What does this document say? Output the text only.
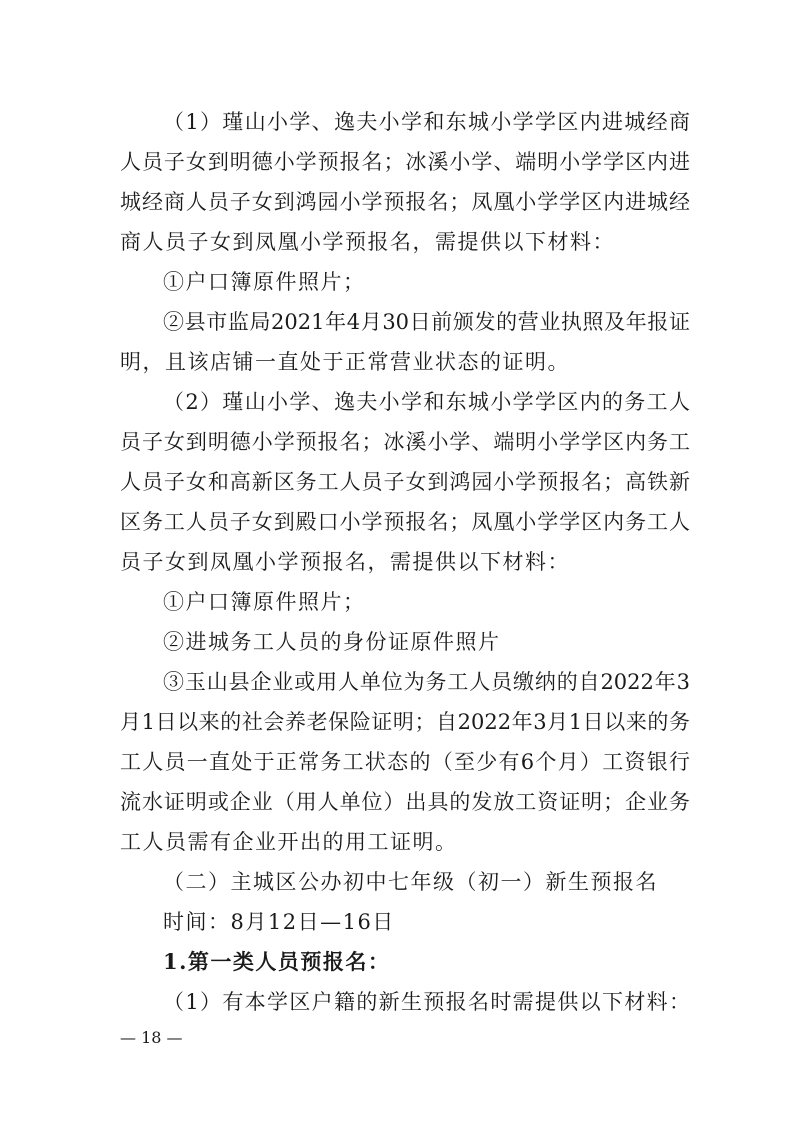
（1）瑾山小学、逸夫小学和东城小学学区内进城经商
人员子女到明德小学预报名；冰溪小学、端明小学学区内进
城经商人员子女到鸿园小学预报名；凤凰小学学区内进城经
商人员子女到凤凰小学预报名，需提供以下材料：
①户口簿原件照片；
②县市监局2021年4月30日前颁发的营业执照及年报证
明，且该店铺一直处于正常营业状态的证明。
（2）瑾山小学、逸夫小学和东城小学学区内的务工人
员子女到明德小学预报名；冰溪小学、端明小学学区内务工
人员子女和高新区务工人员子女到鸿园小学预报名；高铁新
区务工人员子女到殿口小学预报名；凤凰小学学区内务工人
员子女到凤凰小学预报名，需提供以下材料：
①户口簿原件照片；
②进城务工人员的身份证原件照片
③玉山县企业或用人单位为务工人员缴纳的自2022年3
月1日以来的社会养老保险证明；自2022年3月1日以来的务
工人员一直处于正常务工状态的（至少有6个月）工资银行
流水证明或企业（用人单位）出具的发放工资证明；企业务
工人员需有企业开出的用工证明。
（二）主城区公办初中七年级（初一）新生预报名
时间：8月12日—16日
1.第一类人员预报名：
（1）有本学区户籍的新生预报名时需提供以下材料：
— 18 —
